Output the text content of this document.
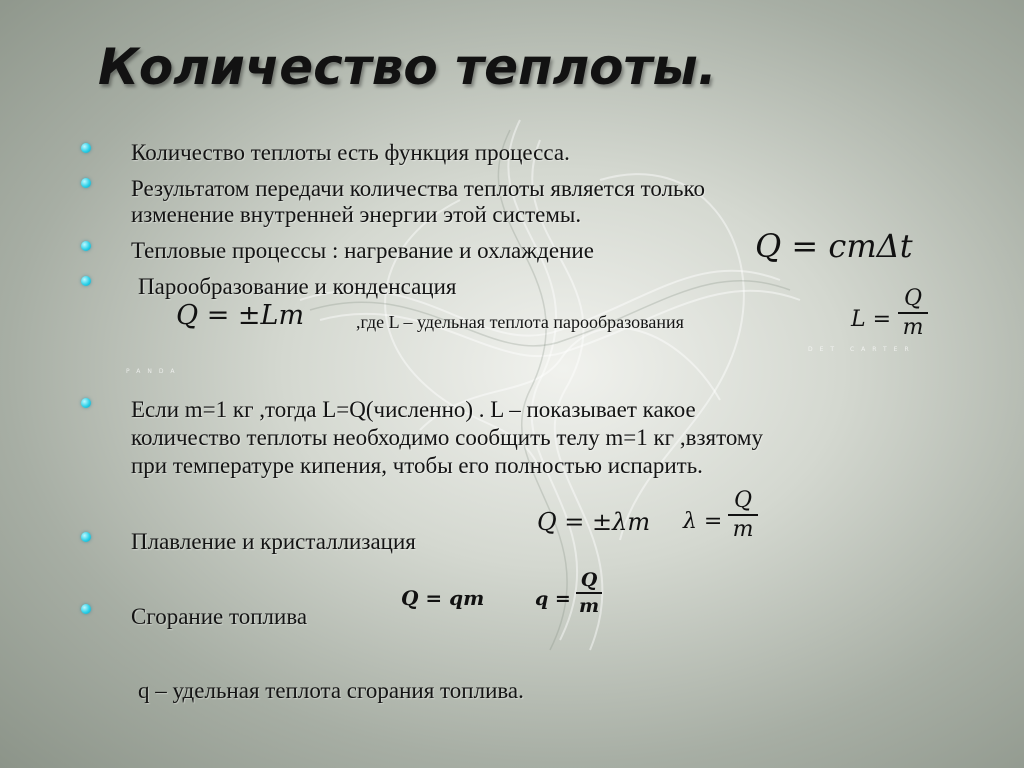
Количество теплоты.
Количество теплоты есть функция процесса.
Результатом передачи количества теплоты является только
изменение внутренней энергии этой системы.
Тепловые процессы : нагревание и охлаждение	Q = cmΔt
Парообразование и конденсация
Q = ±Lm	,где L – удельная теплота парообразования	L =
Q
m
PANDA
DET CARTER
Если m=1 кг ,тогда L=Q(численно) . L – показывает какое
количество теплоты необходимо сообщить телу m=1 кг ,взятому
при температуре кипения, чтобы его полностью испарить.
Плавление и кристаллизация
Q = ±λm λ =
Q
m
Сгорание топлива
Q = qm	q =
Q
m
q – удельная теплота сгорания топлива.
